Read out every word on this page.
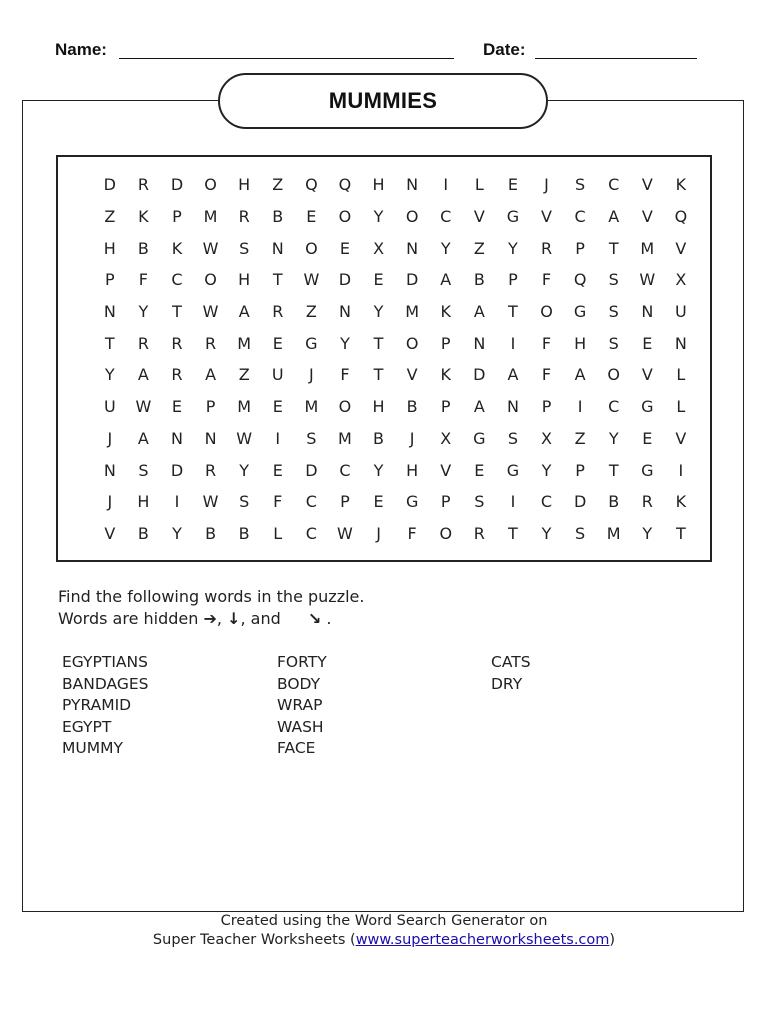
Name:	Date:
MUMMIES
D	R	D	O	H	Z	Q	Q	H	N	I	L	E	J	S	C	V	K
Z	K	P	M	R	B	E	O	Y	O	C	V	G	V	C	A	V	Q
H	B	K	W	S	N	O	E	X	N	Y	Z	Y	R	P	T	M	V
P	F	C	O	H	T	W	D	E	D	A	B	P	F	Q	S	W	X
N	Y	T	W	A	R	Z	N	Y	M	K	A	T	O	G	S	N	U
T	R	R	R	M	E	G	Y	T	O	P	N	I	F	H	S	E	N
Y	A	R	A	Z	U	J	F	T	V	K	D	A	F	A	O	V	L
U	W	E	P	M	E	M	O	H	B	P	A	N	P	I	C	G	L
J	A	N	N	W	I	S	M	B	J	X	G	S	X	Z	Y	E	V
N	S	D	R	Y	E	D	C	Y	H	V	E	G	Y	P	T	G	I
J	H	I	W	S	F	C	P	E	G	P	S	I	C	D	B	R	K
V	B	Y	B	B	L	C	W	J	F	O	R	T	Y	S	M	Y	T
Find the following words in the puzzle.
Words are hidden ➔, ↓, and ↘ .
EGYPTIANS
BANDAGES
PYRAMID
EGYPT
MUMMY
FORTY
BODY
WRAP
WASH
FACE
CATS
DRY
Created using the Word Search Generator on
Super Teacher Worksheets (www.superteacherworksheets.com)
